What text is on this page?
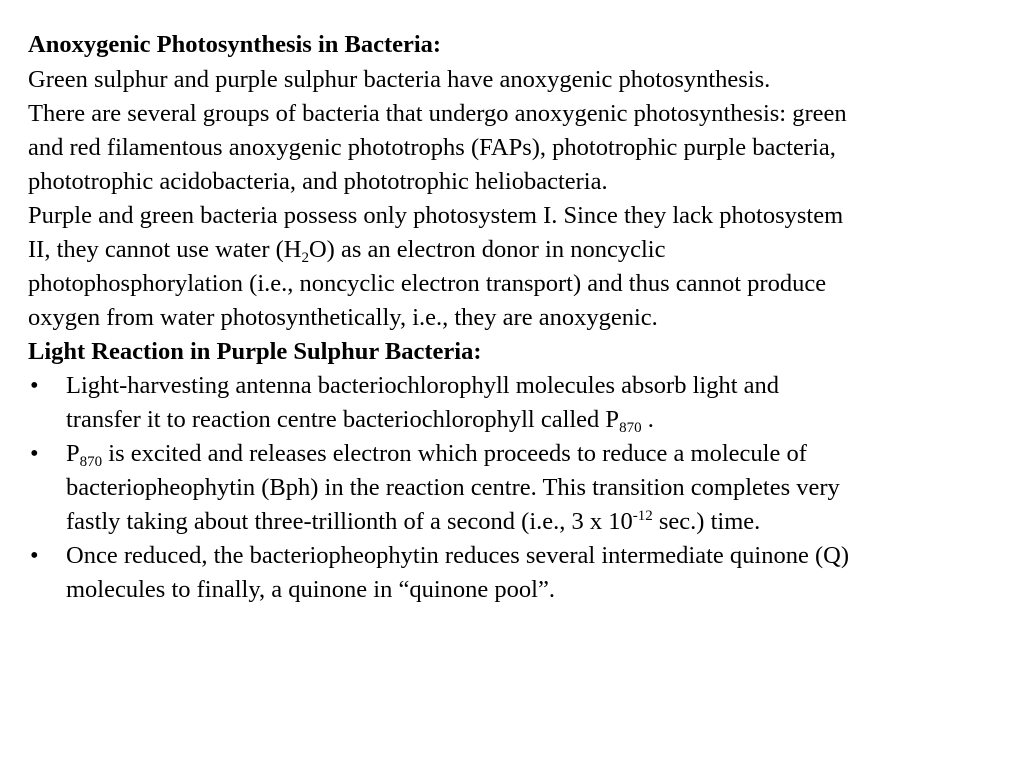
Anoxygenic Photosynthesis in Bacteria:

Green sulphur and purple sulphur bacteria have anoxygenic photosynthesis.

There are several groups of bacteria that undergo anoxygenic photosynthesis: green
and red filamentous anoxygenic phototrophs (FAPs), phototrophic purple bacteria,
phototrophic acidobacteria, and phototrophic heliobacteria.

Purple and green bacteria possess only photosystem I. Since they lack photosystem
II, they cannot use water $(H_2O)$ as an electron donor in noncyclic
photophosphorylation (i.e., noncyclic electron transport) and thus cannot produce
oxygen from water photosynthetically, i.e., they are anoxygenic.

Light Reaction in Purple Sulphur Bacteria:
• Light-harvesting antenna bacteriochlorophyll molecules absorb light and
transfer it to reaction centre bacteriochlorophyll called $P_{870}$ .
• $P_{870}$ is excited and releases electron which proceeds to reduce a molecule of
bacteriopheophytin (Bph) in the reaction centre. This transition completes very
fastly taking about three-trillionth of a second (i.e., 3 x $10^{-12}$ sec.) time.
• Once reduced, the bacteriopheophytin reduces several intermediate quinone (Q)
molecules to finally, a quinone in “quinone pool”.
